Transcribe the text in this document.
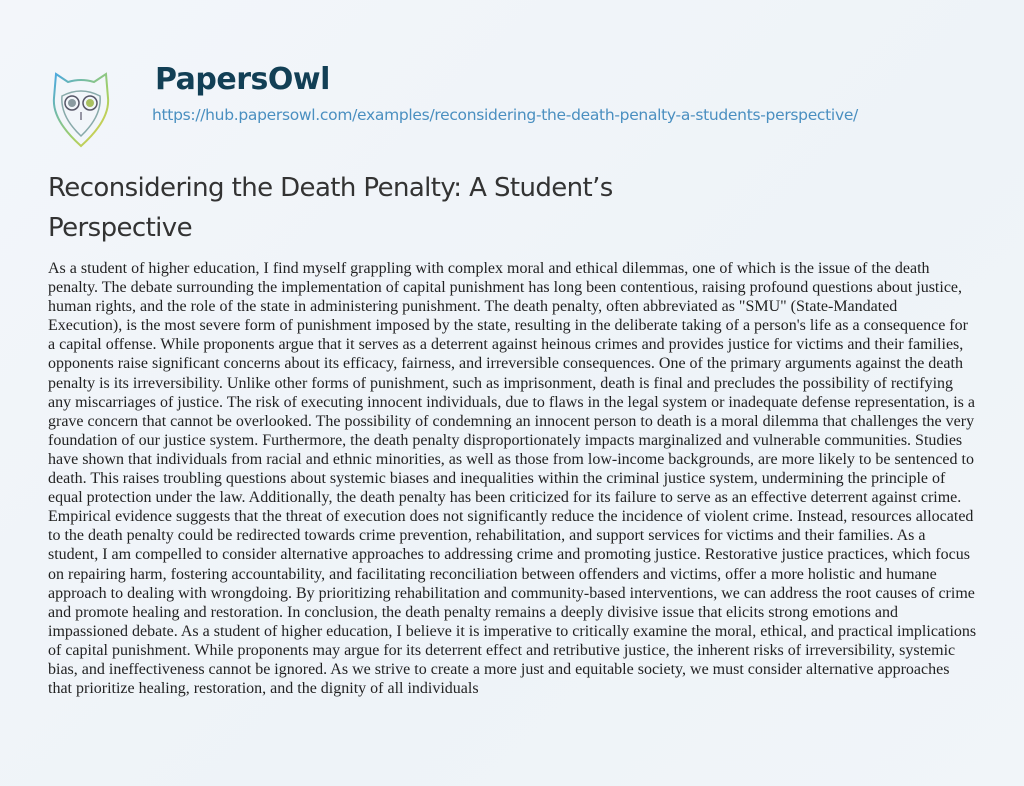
PapersOwl
https://hub.papersowl.com/examples/reconsidering-the-death-penalty-a-students-perspective/
Reconsidering the Death Penalty: A Student’s Perspective
As a student of higher education, I find myself grappling with complex moral and ethical dilemmas, one of which is the issue of the death
penalty. The debate surrounding the implementation of capital punishment has long been contentious, raising profound questions about justice,
human rights, and the role of the state in administering punishment. The death penalty, often abbreviated as "SMU" (State-Mandated
Execution), is the most severe form of punishment imposed by the state, resulting in the deliberate taking of a person's life as a consequence for
a capital offense. While proponents argue that it serves as a deterrent against heinous crimes and provides justice for victims and their families,
opponents raise significant concerns about its efficacy, fairness, and irreversible consequences. One of the primary arguments against the death
penalty is its irreversibility. Unlike other forms of punishment, such as imprisonment, death is final and precludes the possibility of rectifying
any miscarriages of justice. The risk of executing innocent individuals, due to flaws in the legal system or inadequate defense representation, is a
grave concern that cannot be overlooked. The possibility of condemning an innocent person to death is a moral dilemma that challenges the very
foundation of our justice system. Furthermore, the death penalty disproportionately impacts marginalized and vulnerable communities. Studies
have shown that individuals from racial and ethnic minorities, as well as those from low-income backgrounds, are more likely to be sentenced to
death. This raises troubling questions about systemic biases and inequalities within the criminal justice system, undermining the principle of
equal protection under the law. Additionally, the death penalty has been criticized for its failure to serve as an effective deterrent against crime.
Empirical evidence suggests that the threat of execution does not significantly reduce the incidence of violent crime. Instead, resources allocated
to the death penalty could be redirected towards crime prevention, rehabilitation, and support services for victims and their families. As a
student, I am compelled to consider alternative approaches to addressing crime and promoting justice. Restorative justice practices, which focus
on repairing harm, fostering accountability, and facilitating reconciliation between offenders and victims, offer a more holistic and humane
approach to dealing with wrongdoing. By prioritizing rehabilitation and community-based interventions, we can address the root causes of crime
and promote healing and restoration. In conclusion, the death penalty remains a deeply divisive issue that elicits strong emotions and
impassioned debate. As a student of higher education, I believe it is imperative to critically examine the moral, ethical, and practical implications
of capital punishment. While proponents may argue for its deterrent effect and retributive justice, the inherent risks of irreversibility, systemic
bias, and ineffectiveness cannot be ignored. As we strive to create a more just and equitable society, we must consider alternative approaches
that prioritize healing, restoration, and the dignity of all individuals
